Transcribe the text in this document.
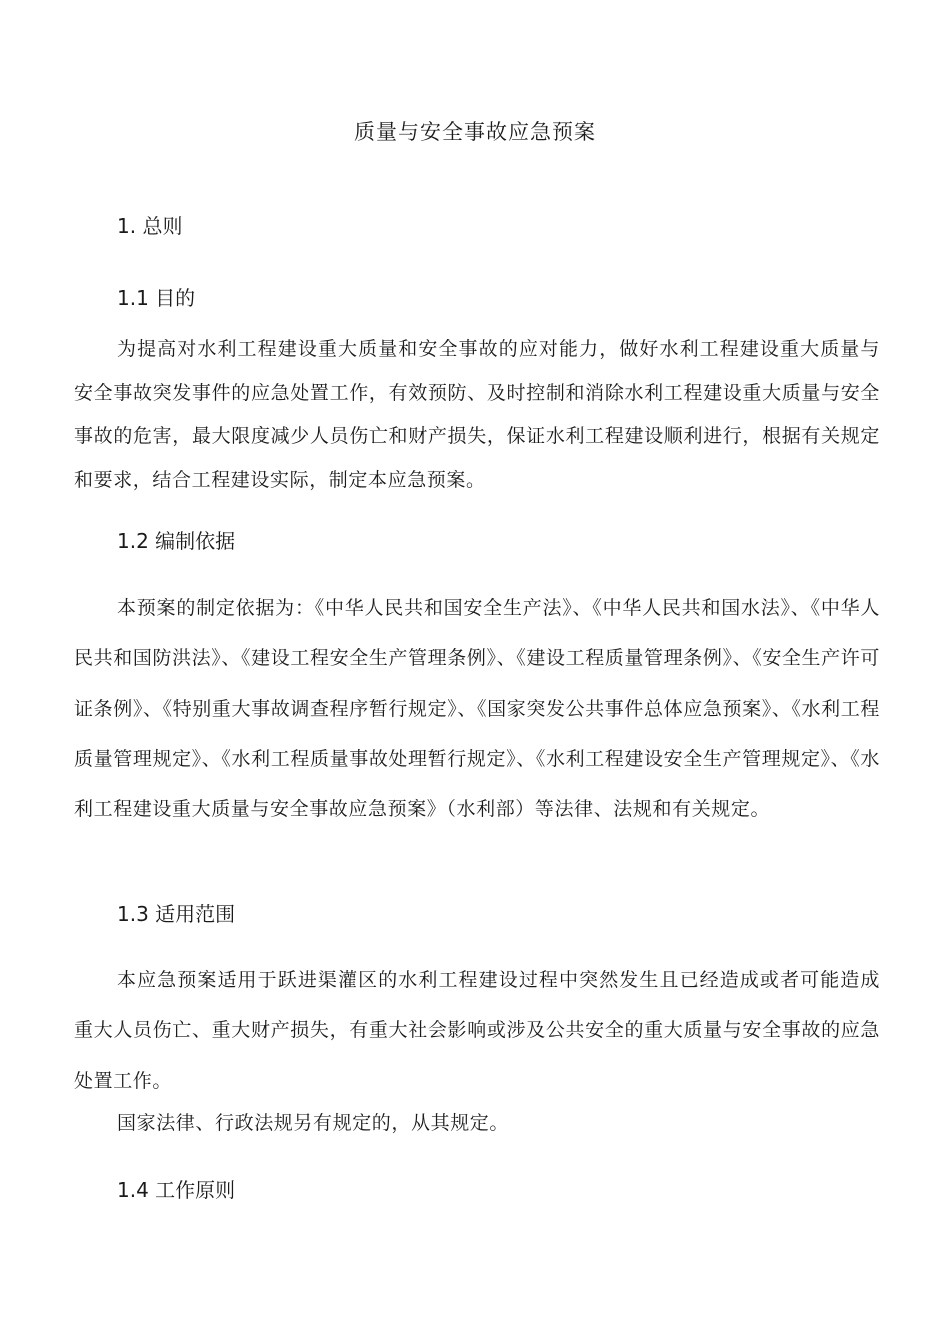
质量与安全事故应急预案
1. 总则
1.1 目的

为提高对水利工程建设重大质量和安全事故的应对能力，做好水利工程建设重大质量与安全事故突发事件的应急处置工作，有效预防、及时控制和消除水利工程建设重大质量与安全事故的危害，最大限度减少人员伤亡和财产损失，保证水利工程建设顺利进行，根据有关规定和要求，结合工程建设实际，制定本应急预案。

1.2 编制依据

本预案的制定依据为：《中华人民共和国安全生产法》、《中华人民共和国水法》、《中华人民共和国防洪法》、《建设工程安全生产管理条例》、《建设工程质量管理条例》、《安全生产许可证条例》、《特别重大事故调查程序暂行规定》、《国家突发公共事件总体应急预案》、《水利工程质量管理规定》、《水利工程质量事故处理暂行规定》、《水利工程建设安全生产管理规定》、《水利工程建设重大质量与安全事故应急预案》（水利部）等法律、法规和有关规定。

1.3 适用范围

本应急预案适用于跃进渠灌区的水利工程建设过程中突然发生且已经造成或者可能造成重大人员伤亡、重大财产损失，有重大社会影响或涉及公共安全的重大质量与安全事故的应急处置工作。

国家法律、行政法规另有规定的，从其规定。

1.4 工作原则
